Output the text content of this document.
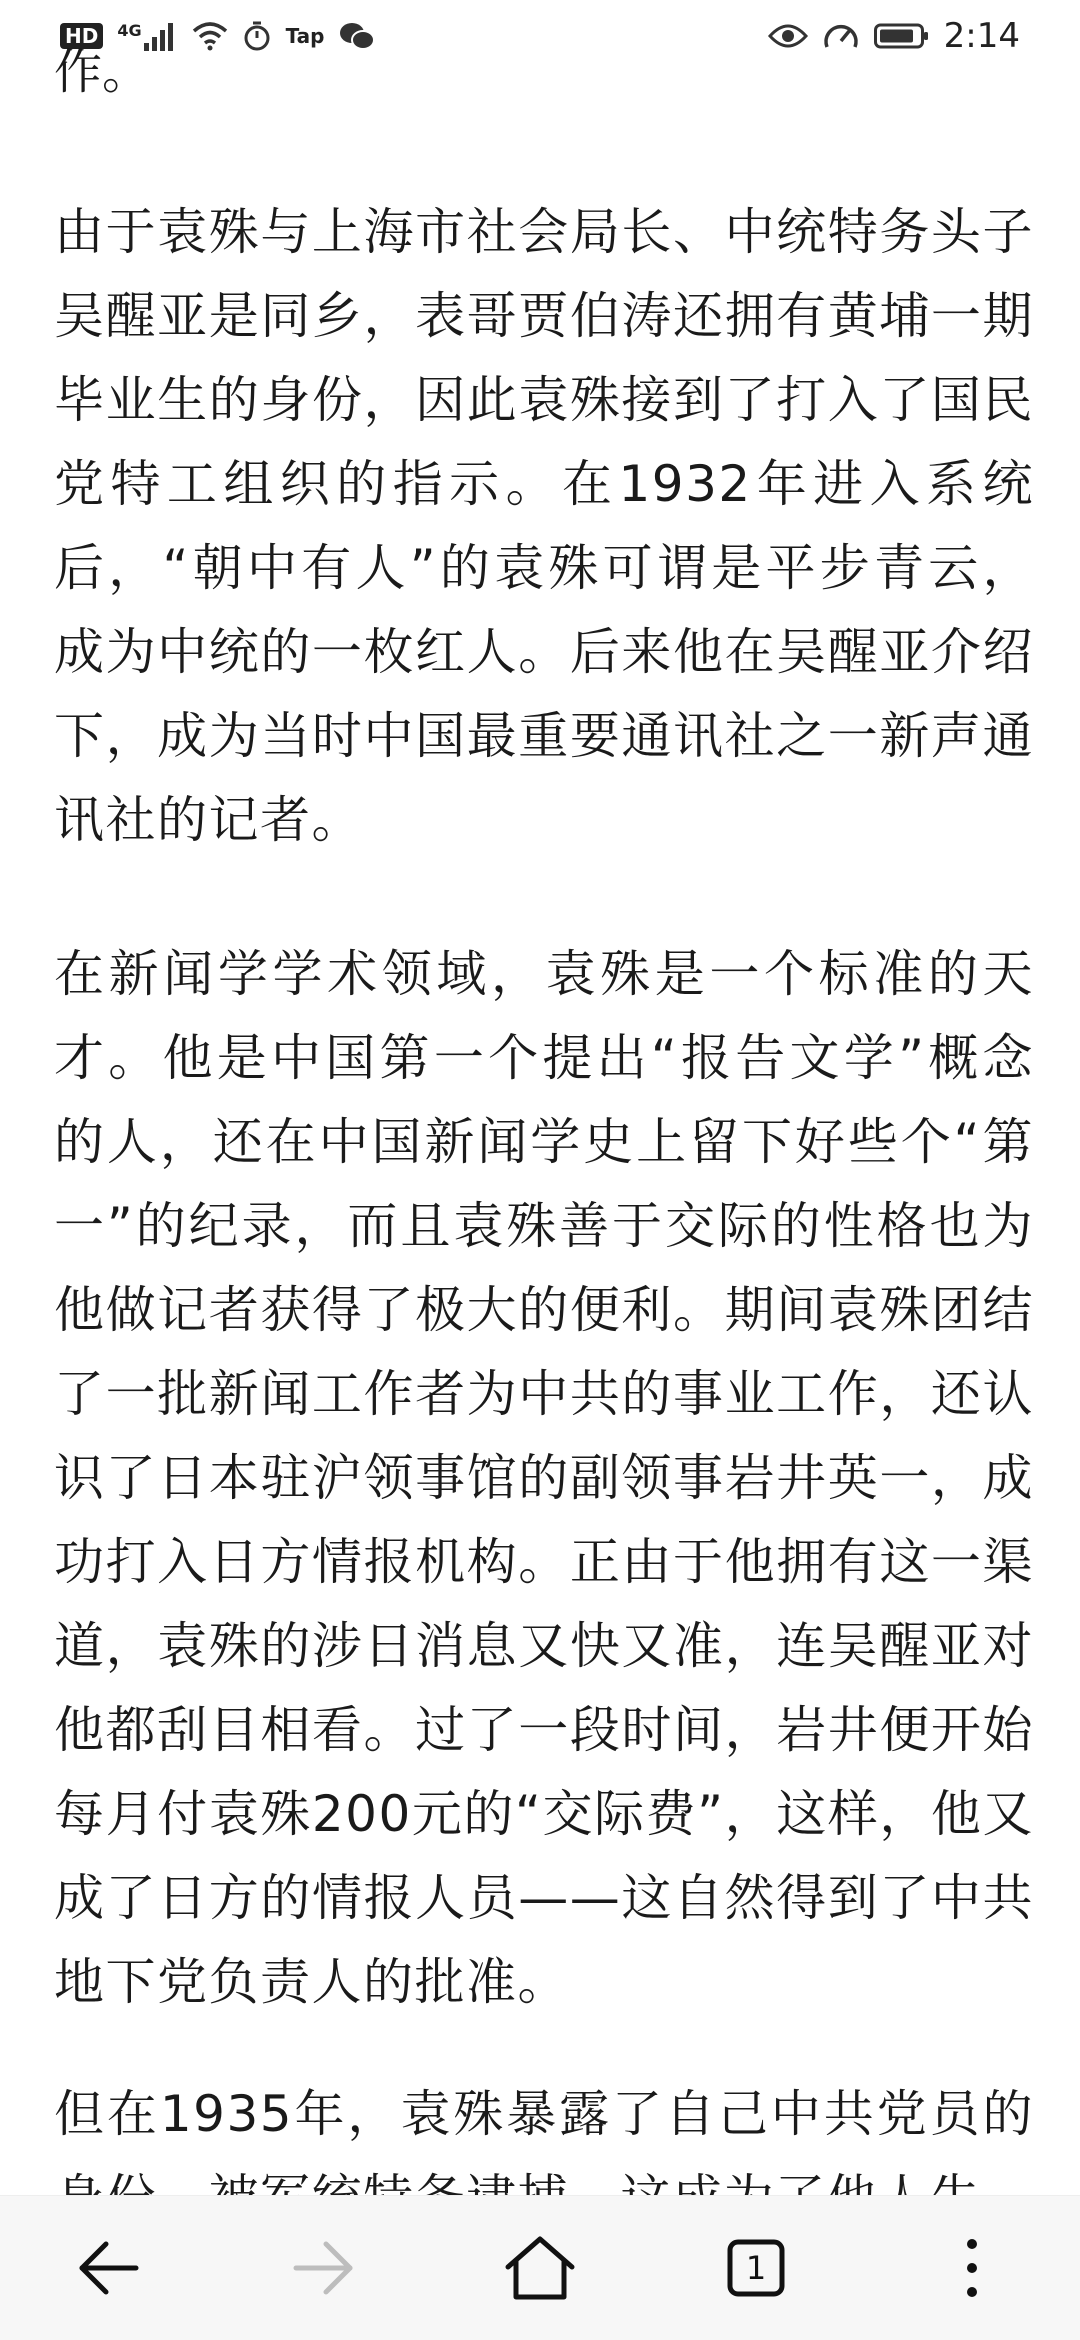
HD	4G	Tap	2:14
作。

由于袁殊与上海市社会局长、中统特务头子吴醒亚是同乡，表哥贾伯涛还拥有黄埔一期毕业生的身份，因此袁殊接到了打入了国民党特工组织的指示。在1932年进入系统后，“朝中有人”的袁殊可谓是平步青云，成为中统的一枚红人。后来他在吴醒亚介绍下，成为当时中国最重要通讯社之一新声通讯社的记者。

在新闻学学术领域，袁殊是一个标准的天才。他是中国第一个提出“报告文学”概念的人，还在中国新闻学史上留下好些个“第一”的纪录，而且袁殊善于交际的性格也为他做记者获得了极大的便利。期间袁殊团结了一批新闻工作者为中共的事业工作，还认识了日本驻沪领事馆的副领事岩井英一，成功打入日方情报机构。正由于他拥有这一渠道，袁殊的涉日消息又快又准，连吴醒亚对他都刮目相看。过了一段时间，岩井便开始每月付袁殊200元的“交际费”，这样，他又成了日方的情报人员——这自然得到了中共地下党负责人的批准。

但在1935年，袁殊暴露了自己中共党员的

1
